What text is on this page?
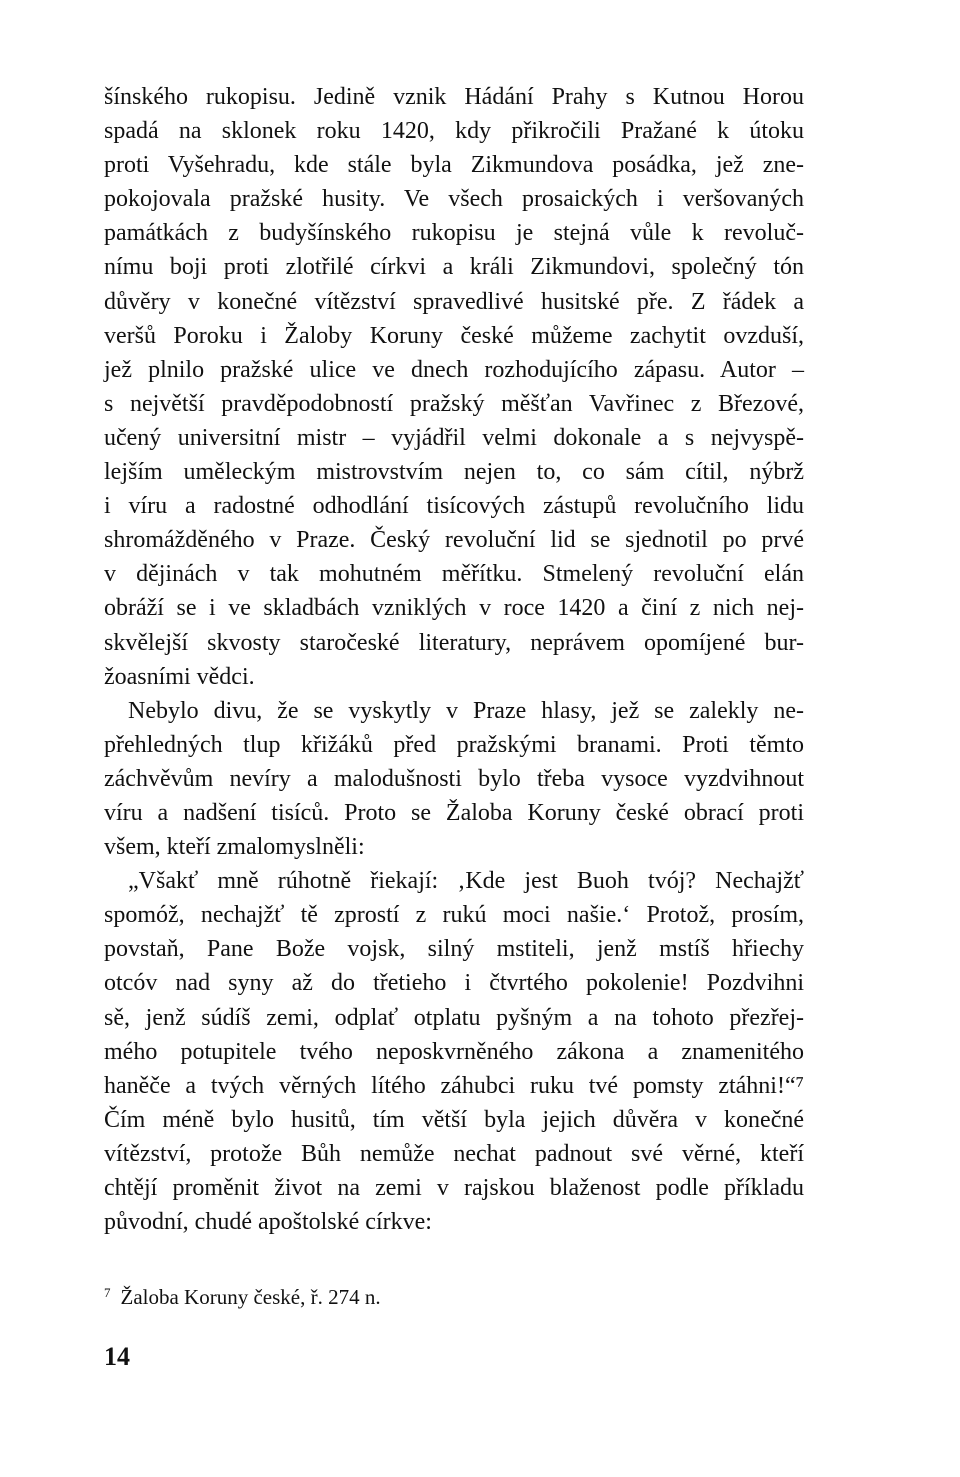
šínského rukopisu. Jedině vznik Hádání Prahy s Kutnou Horou
spadá na sklonek roku 1420, kdy přikročili Pražané k útoku
proti Vyšehradu, kde stále byla Zikmundova posádka, jež zne-
pokojovala pražské husity. Ve všech prosaických i veršovaných
památkách z budyšínského rukopisu je stejná vůle k revoluč-
nímu boji proti zlotřilé církvi a králi Zikmundovi, společný tón
důvěry v konečné vítězství spravedlivé husitské pře. Z řádek a
veršů Poroku i Žaloby Koruny české můžeme zachytit ovzduší,
jež plnilo pražské ulice ve dnech rozhodujícího zápasu. Autor –
s největší pravděpodobností pražský měšťan Vavřinec z Březové,
učený universitní mistr – vyjádřil velmi dokonale a s nejvyspě-
lejším uměleckým mistrovstvím nejen to, co sám cítil, nýbrž
i víru a radostné odhodlání tisícových zástupů revolučního lidu
shromážděného v Praze. Český revoluční lid se sjednotil po prvé
v dějinách v tak mohutném měřítku. Stmelený revoluční elán
obráží se i ve skladbách vzniklých v roce 1420 a činí z nich nej-
skvělejší skvosty staročeské literatury, neprávem opomíjené bur-
žoasními vědci.
Nebylo divu, že se vyskytly v Praze hlasy, jež se zalekly ne-
přehledných tlup křižáků před pražskými branami. Proti těmto
záchvěvům nevíry a malodušnosti bylo třeba vysoce vyzdvihnout
víru a nadšení tisíců. Proto se Žaloba Koruny české obrací proti
všem, kteří zmalomyslněli:
„Všakť mně rúhotně řiekají: ‚Kde jest Buoh tvój? Nechajžť
spomóž, nechajžť tě zprostí z rukú moci našie.‘ Protož, prosím,
povstaň, Pane Bože vojsk, silný mstiteli, jenž mstíš hřiechy
otcóv nad syny až do třetieho i čtvrtého pokolenie! Pozdvihni
sě, jenž súdíš zemi, odplať otplatu pyšným a na tohoto přezřej-
mého potupitele tvého neposkvrněného zákona a znamenitého
haněče a tvých věrných lítého záhubci ruku tvé pomsty ztáhni!“⁷
Čím méně bylo husitů, tím větší byla jejich důvěra v konečné
vítězství, protože Bůh nemůže nechat padnout své věrné, kteří
chtějí proměnit život na zemi v rajskou blaženost podle příkladu
původní, chudé apoštolské církve:
$^7$ Žaloba Koruny české, ř. 274 n.
14
